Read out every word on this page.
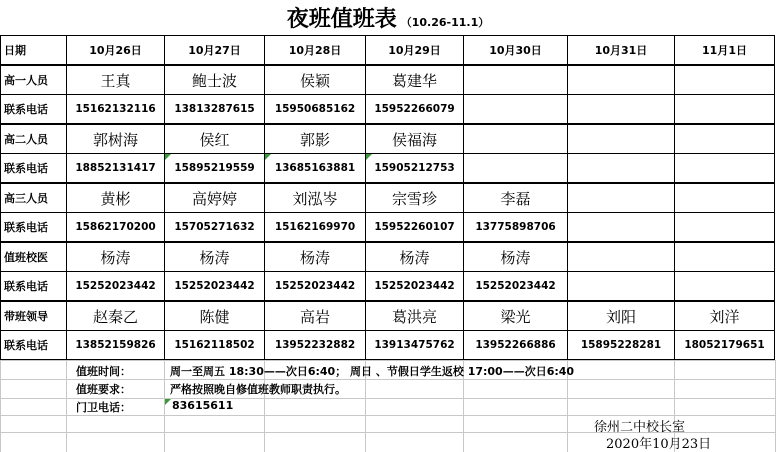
夜班值班表 （10.26-11.1）
日期	10月26日	10月27日	10月28日	10月29日	10月30日	10月31日	11月1日
高一人员	王真	鲍士波	侯颖	葛建华			
联系电话	15162132116	13813287615	15950685162	15952266079			
高二人员	郭树海	侯红	郭影	侯福海			
联系电话	18852131417	15895219559	13685163881	15905212753			
高三人员	黄彬	高婷婷	刘泓岑	宗雪珍	李磊		
联系电话	15862170200	15705271632	15162169970	15952260107	13775898706		
值班校医	杨涛	杨涛	杨涛	杨涛	杨涛		
联系电话	15252023442	15252023442	15252023442	15252023442	15252023442		
带班领导	赵秦乙	陈健	高岩	葛洪亮	梁光	刘阳	刘洋
联系电话	13852159826	15162118502	13952232882	13913475762	13952266886	15895228281	18052179651
值班时间：	周一至周五 18:30——次日6:40； 周日 、节假日学生返校 17:00——次日6:40
值班要求：	严格按照晚自修值班教师职责执行。
门卫电话：	83615611
徐州二中校长室
2020年10月23日
